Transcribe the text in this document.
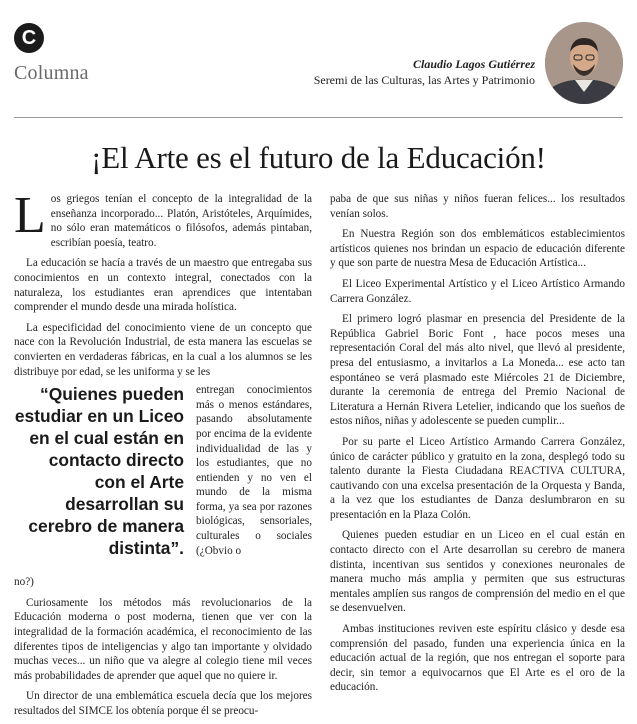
C
Columna	Claudio Lagos Gutiérrez
Seremi de las Culturas, las Artes y Patrimonio
¡El Arte es el futuro de la Educación!

Los griegos tenían el concepto de la integralidad de la enseñanza incorporado... Platón, Aristóteles, Arquímides, no sólo eran matemáticos o filósofos, además pintaban, escribían poesía, teatro.

La educación se hacía a través de un maestro que entregaba sus conocimientos en un contexto integral, conectados con la naturaleza, los estudiantes eran aprendices que intentaban comprender el mundo desde una mirada holística.

La especificidad del conocimiento viene de un concepto que nace con la Revolución Industrial, de esta manera las escuelas se convierten en verdaderas fábricas, en la cual a los alumnos se les distribuye por edad, se les uniforma y se les

“Quienes pueden estudiar en un Liceo en el cual están en contacto directo con el Arte desarrollan su cerebro de manera distinta”.

entregan conocimientos más o menos estándares, pasando absolutamente por encima de la evidente individualidad de las y los estudiantes, que no entienden y no ven el mundo de la misma forma, ya sea por razones biológicas, sensoriales, culturales o sociales (¿Obvio o

no?)

Curiosamente los métodos más revolucionarios de la Educación moderna o post moderna, tienen que ver con la integralidad de la formación académica, el reconocimiento de las diferentes tipos de inteligencias y algo tan importante y olvidado muchas veces... un niño que va alegre al colegio tiene mil veces más probabilidades de aprender que aquel que no quiere ir.

Un director de una emblemática escuela decía que los mejores resultados del SIMCE los obtenía porque él se preocu-

paba de que sus niñas y niños fueran felices... los resultados venían solos.

En Nuestra Región son dos emblemáticos establecimientos artísticos quienes nos brindan un espacio de educación diferente y que son parte de nuestra Mesa de Educación Artística...

El Liceo Experimental Artístico y el Liceo Artístico Armando Carrera González.

El primero logró plasmar en presencia del Presidente de la República Gabriel Boric Font , hace pocos meses una representación Coral del más alto nivel, que llevó al presidente, presa del entusiasmo, a invitarlos a La Moneda... ese acto tan espontáneo se verá plasmado este Miércoles 21 de Diciembre, durante la ceremonia de entrega del Premio Nacional de Literatura a Hernán Rivera Letelier, indicando que los sueños de estos niños, niñas y adolescente se pueden cumplir...

Por su parte el Liceo Artístico Armando Carrera González, único de carácter público y gratuito en la zona, desplegó todo su talento durante la Fiesta Ciudadana REACTIVA CULTURA, cautivando con una excelsa presentación de la Orquesta y Banda, a la vez que los estudiantes de Danza deslumbraron en su presentación en la Plaza Colón.

Quienes pueden estudiar en un Liceo en el cual están en contacto directo con el Arte desarrollan su cerebro de manera distinta, incentivan sus sentidos y conexiones neuronales de manera mucho más amplia y permiten que sus estructuras mentales amplíen sus rangos de comprensión del medio en el que se desenvuelven.

Ambas instituciones reviven este espíritu clásico y desde esa comprensión del pasado, funden una experiencia única en la educación actual de la región, que nos entregan el soporte para decir, sin temor a equivocarnos que El Arte es el oro de la educación.
